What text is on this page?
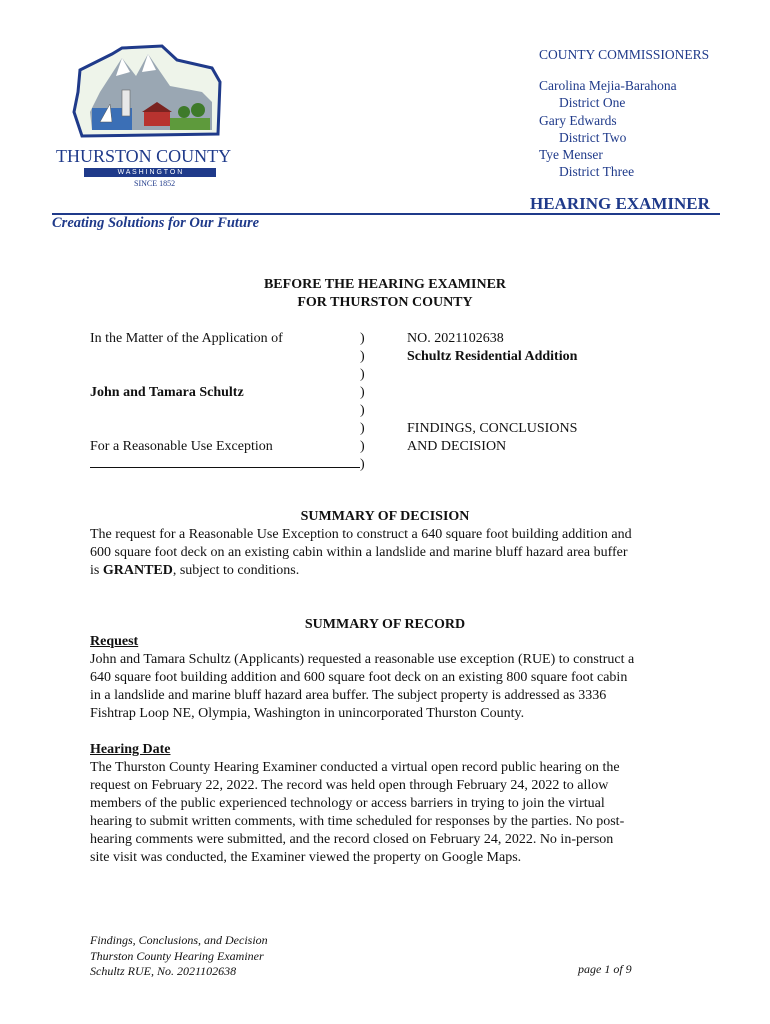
THURSTON COUNTY
W A S H I N G T O N
SINCE 1852
COUNTY COMMISSIONERS
Carolina Mejia-Barahona
District One
Gary Edwards
District Two
Tye Menser
District Three
HEARING EXAMINER
Creating Solutions for Our Future
BEFORE THE HEARING EXAMINER
FOR THURSTON COUNTY
In the Matter of the Application of
John and Tamara Schultz
For a Reasonable Use Exception
)
)
)
)
)
)
)
)
NO. 2021102638
Schultz Residential Addition
FINDINGS, CONCLUSIONS
AND DECISION
SUMMARY OF DECISION
The request for a Reasonable Use Exception to construct a 640 square foot building addition and
600 square foot deck on an existing cabin within a landslide and marine bluff hazard area buffer
is GRANTED, subject to conditions.
SUMMARY OF RECORD
Request
John and Tamara Schultz (Applicants) requested a reasonable use exception (RUE) to construct a
640 square foot building addition and 600 square foot deck on an existing 800 square foot cabin
in a landslide and marine bluff hazard area buffer. The subject property is addressed as 3336
Fishtrap Loop NE, Olympia, Washington in unincorporated Thurston County.
Hearing Date
The Thurston County Hearing Examiner conducted a virtual open record public hearing on the
request on February 22, 2022. The record was held open through February 24, 2022 to allow
members of the public experienced technology or access barriers in trying to join the virtual
hearing to submit written comments, with time scheduled for responses by the parties. No post-
hearing comments were submitted, and the record closed on February 24, 2022. No in-person
site visit was conducted, the Examiner viewed the property on Google Maps.
Findings, Conclusions, and Decision
Thurston County Hearing Examiner
Schultz RUE, No. 2021102638	page 1 of 9
